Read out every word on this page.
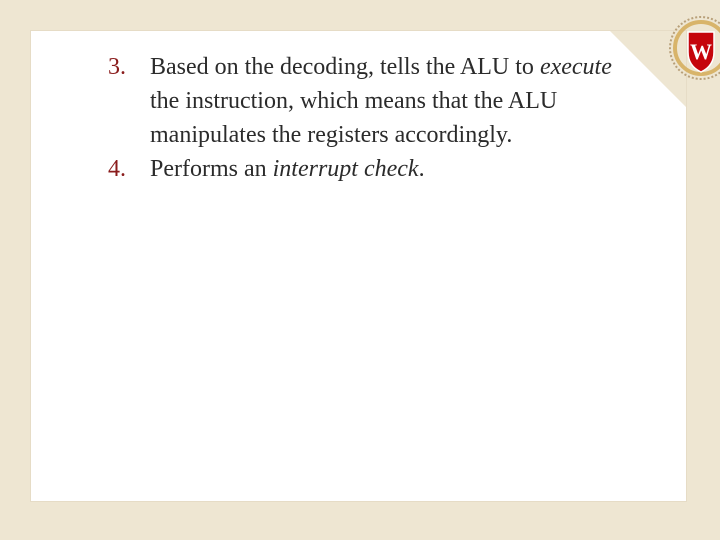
W
3. Based on the decoding, tells the ALU to execute the instruction, which means that the ALU manipulates the registers accordingly.
4. Performs an interrupt check.
